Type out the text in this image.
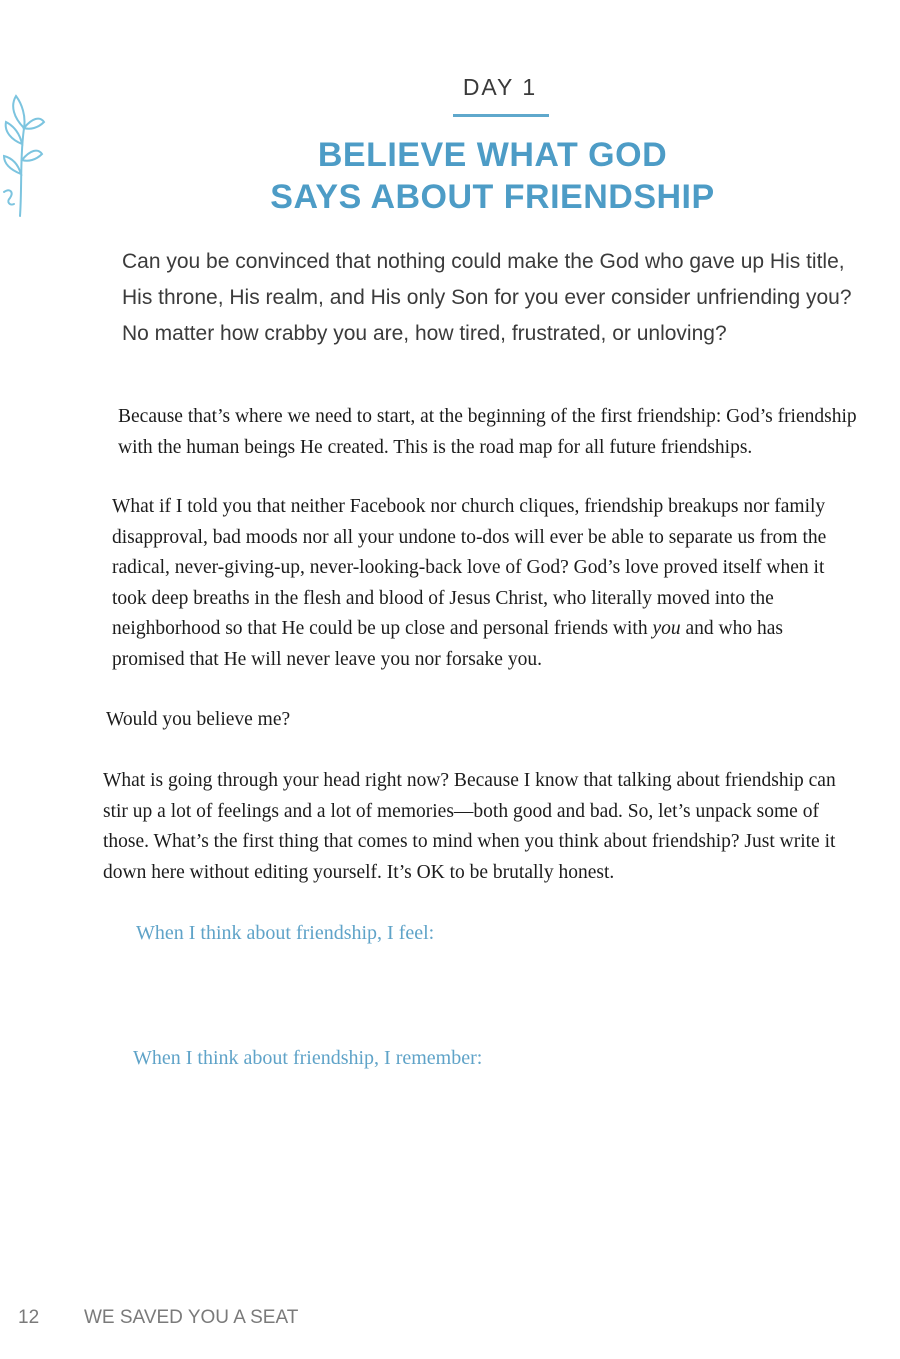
DAY 1
BELIEVE WHAT GOD
SAYS ABOUT FRIENDSHIP

Can you be convinced that nothing could make the God who gave up His title, His throne, His realm, and His only Son for you ever consider unfriending you? No matter how crabby you are, how tired, frustrated, or unloving?

Because that’s where we need to start, at the beginning of the first friendship: God’s friendship with the human beings He created. This is the road map for all future friendships.

What if I told you that neither Facebook nor church cliques, friendship breakups nor family disapproval, bad moods nor all your undone to-dos will ever be able to separate us from the radical, never-giving-up, never-looking-back love of God? God’s love proved itself when it took deep breaths in the flesh and blood of Jesus Christ, who literally moved into the neighborhood so that He could be up close and personal friends with you and who has promised that He will never leave you nor forsake you.

Would you believe me?

What is going through your head right now? Because I know that talking about friendship can stir up a lot of feelings and a lot of memories—both good and bad. So, let’s unpack some of those. What’s the first thing that comes to mind when you think about friendship? Just write it down here without editing yourself. It’s OK to be brutally honest.

When I think about friendship, I feel:

When I think about friendship, I remember:

12 WE SAVED YOU A SEAT
